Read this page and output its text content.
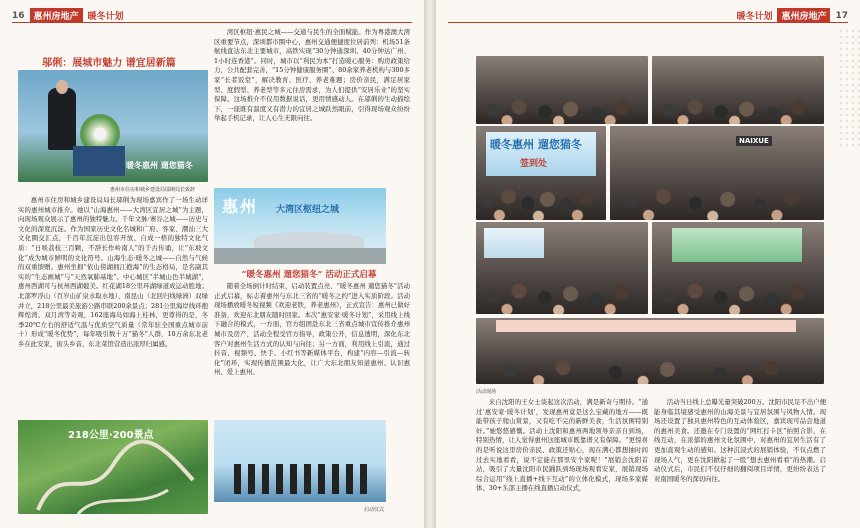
16	惠州房地产	暖冬计划
邬俐：展城市魅力 谱宜居新篇
暖冬惠州 遛您猫冬
惠州市住房和城乡建设局邬俐局长致辞

惠州市住房和城乡建设局局长邬俐为现场嘉宾作了一场生动详实的惠州城市推介。她以“山海惠州——大湾区宜居之城”为主题，向现场观众展示了惠州的独特魅力。千年文脉·寨谷之城——历史与文化的深度沉淀。作为国家历史文化名城和广府、客家、潮汕三大文化圈交汇点，千百年沉淀出包容开放、自成一格的独特文化气质：“日啖荔枝三百颗，不辞长作岭南人”的千古传诵，让“东坡文化”成为城市鲜明的文化符号。山海生态·暖冬之城——自然与气候的双重馈赠。惠州坐拥“依山傍湖拥江抱海”的生态格局，是名副其实的“生态画城”与“天然氧肺基地”。中心城区“半城山色半城湖”，惠州西湖可与杭州西湖媲美。红花湖18公里环湖绿道成运动胜地；北部罗浮山（百岁山矿泉水取水地）、南昆山（北回归线绿洲）双绿并立，218公里最美旅游公路串联200余景点；281公里海岸线环抱辉煌湾、双月湾等奇观，162座海岛如海上桂林，更尊得的是，冬季20℃左右的舒适气温与优质空气质量（常年驻全国重点城市前十）形成“暖冬优势”，每年吸引数十万“猫冬”人群，10万余东北老乡在此安家，街头乡音、东北菜馆营造出浓厚归属感。

218公里·200景点

湾区枢纽·惠民之城——交通与民生的全面赋能。作为粤港澳大湾区重要节点，深圳都市圈中心，惠州交通便捷度位居前列：机场51条航线直达东北主要城市，高铁实现“30分钟通深圳、40分钟达广州、1小时连香港”。同时，城市以“利民为本”打造暖心服务：购房政策给力，公共配套完善，“15分钟健康服务圈”、80余家养老机构与300多家“长者饭堂”，解决教育、医疗、养老难题；房价亲民，满足居家型、度假型、养老型等多元住房需求，为人们提供“安居乐业”的坚实保障。这场推介不仅用数据说话，更用情感动人。在邬俐的生动描绘下，一座既有温度又有潜力的宜居之城跃然眼前，引得现场观众纷纷举起手机记录，让人心生无限向往。

惠州 大湾区枢纽之城
“暖冬惠州 遛您猫冬” 活动正式启幕

随着全场倒计时结束，启动装置点亮，“暖冬惠州 遛您猫冬”活动正式启幕，标志着惠州与东北三省的“暖冬之约”进入实质阶段。活动现场播放暖冬短视频《欢迎老铁，养老惠州》，正式宣告：惠州已做好准备，欢迎东北朋友随时回家。本次“惠安家·暖冬计划”，采用线上线下融合的模式，一方面，官方组团赴东北三省重点城市宣传推介惠州城市及房产，活动全程受官方指导，政策公开，信息透明，深化东北客户对惠州生活方式的认知与向往；另一方面，利用线上引流，通过抖音、视频号、快手、小红书等新媒体平台，构建“内容—引流—转化”闭环，实现传播范围最大化，让广大东北朋友知道惠州、认识惠州、爱上惠州。

启动仪式
暖冬计划	惠州房地产	17
暖冬惠州 遛您猫冬
签到处
NAIXUE
活动现场

来自沈阳的王女士谈起这次活动，满是新奇与期待。“通过‘惠安家·暖冬计划’，发现惠州竟是这么宝藏的地方——既能带孩子爬山赏景，又有吃不完的新鲜美食，生活氛围特别好。”她悠悠感慨。活动上沈阳和惠州两地领导亲亲自到场，特别热情，让人觉得惠州这座城市既靠谱又有保障。“更惊喜的是听说这里房价亲民、政策还贴心，现在满心都想抽时间过去实地看看，说不定能在那里安个家呢！”展销会沈阳首站，吸引了大量沈阳市民踊跃到场现场观看安家，展销现场综合运用“线上直播+线下互动”的立体化模式，现场多家媒体、30+头部主播在线直播启动仪式，

活动当日线上总曝光量突破200万。沈阳市民足不出户便能身临其境感受惠州的山海美景与宜居氛围与风物人情。现场还设置了独具惠州特色的互动体验区，嘉宾现可品尝地道的惠州美食。还邀在专门设置的“网红打卡区”拍照合影，在线互动，在浓郁的惠州文化氛围中，对惠州的宜居生活有了更加直观生动的感知。这种沉浸式的展销体验，不仅点燃了现场人气，更在沈阳掀起了一股“想去惠州看看”的热潮。启动仪式后，市民们不仅仔细的翻阅项目详情，更纷纷表达了对南国暖冬的深切向往。
